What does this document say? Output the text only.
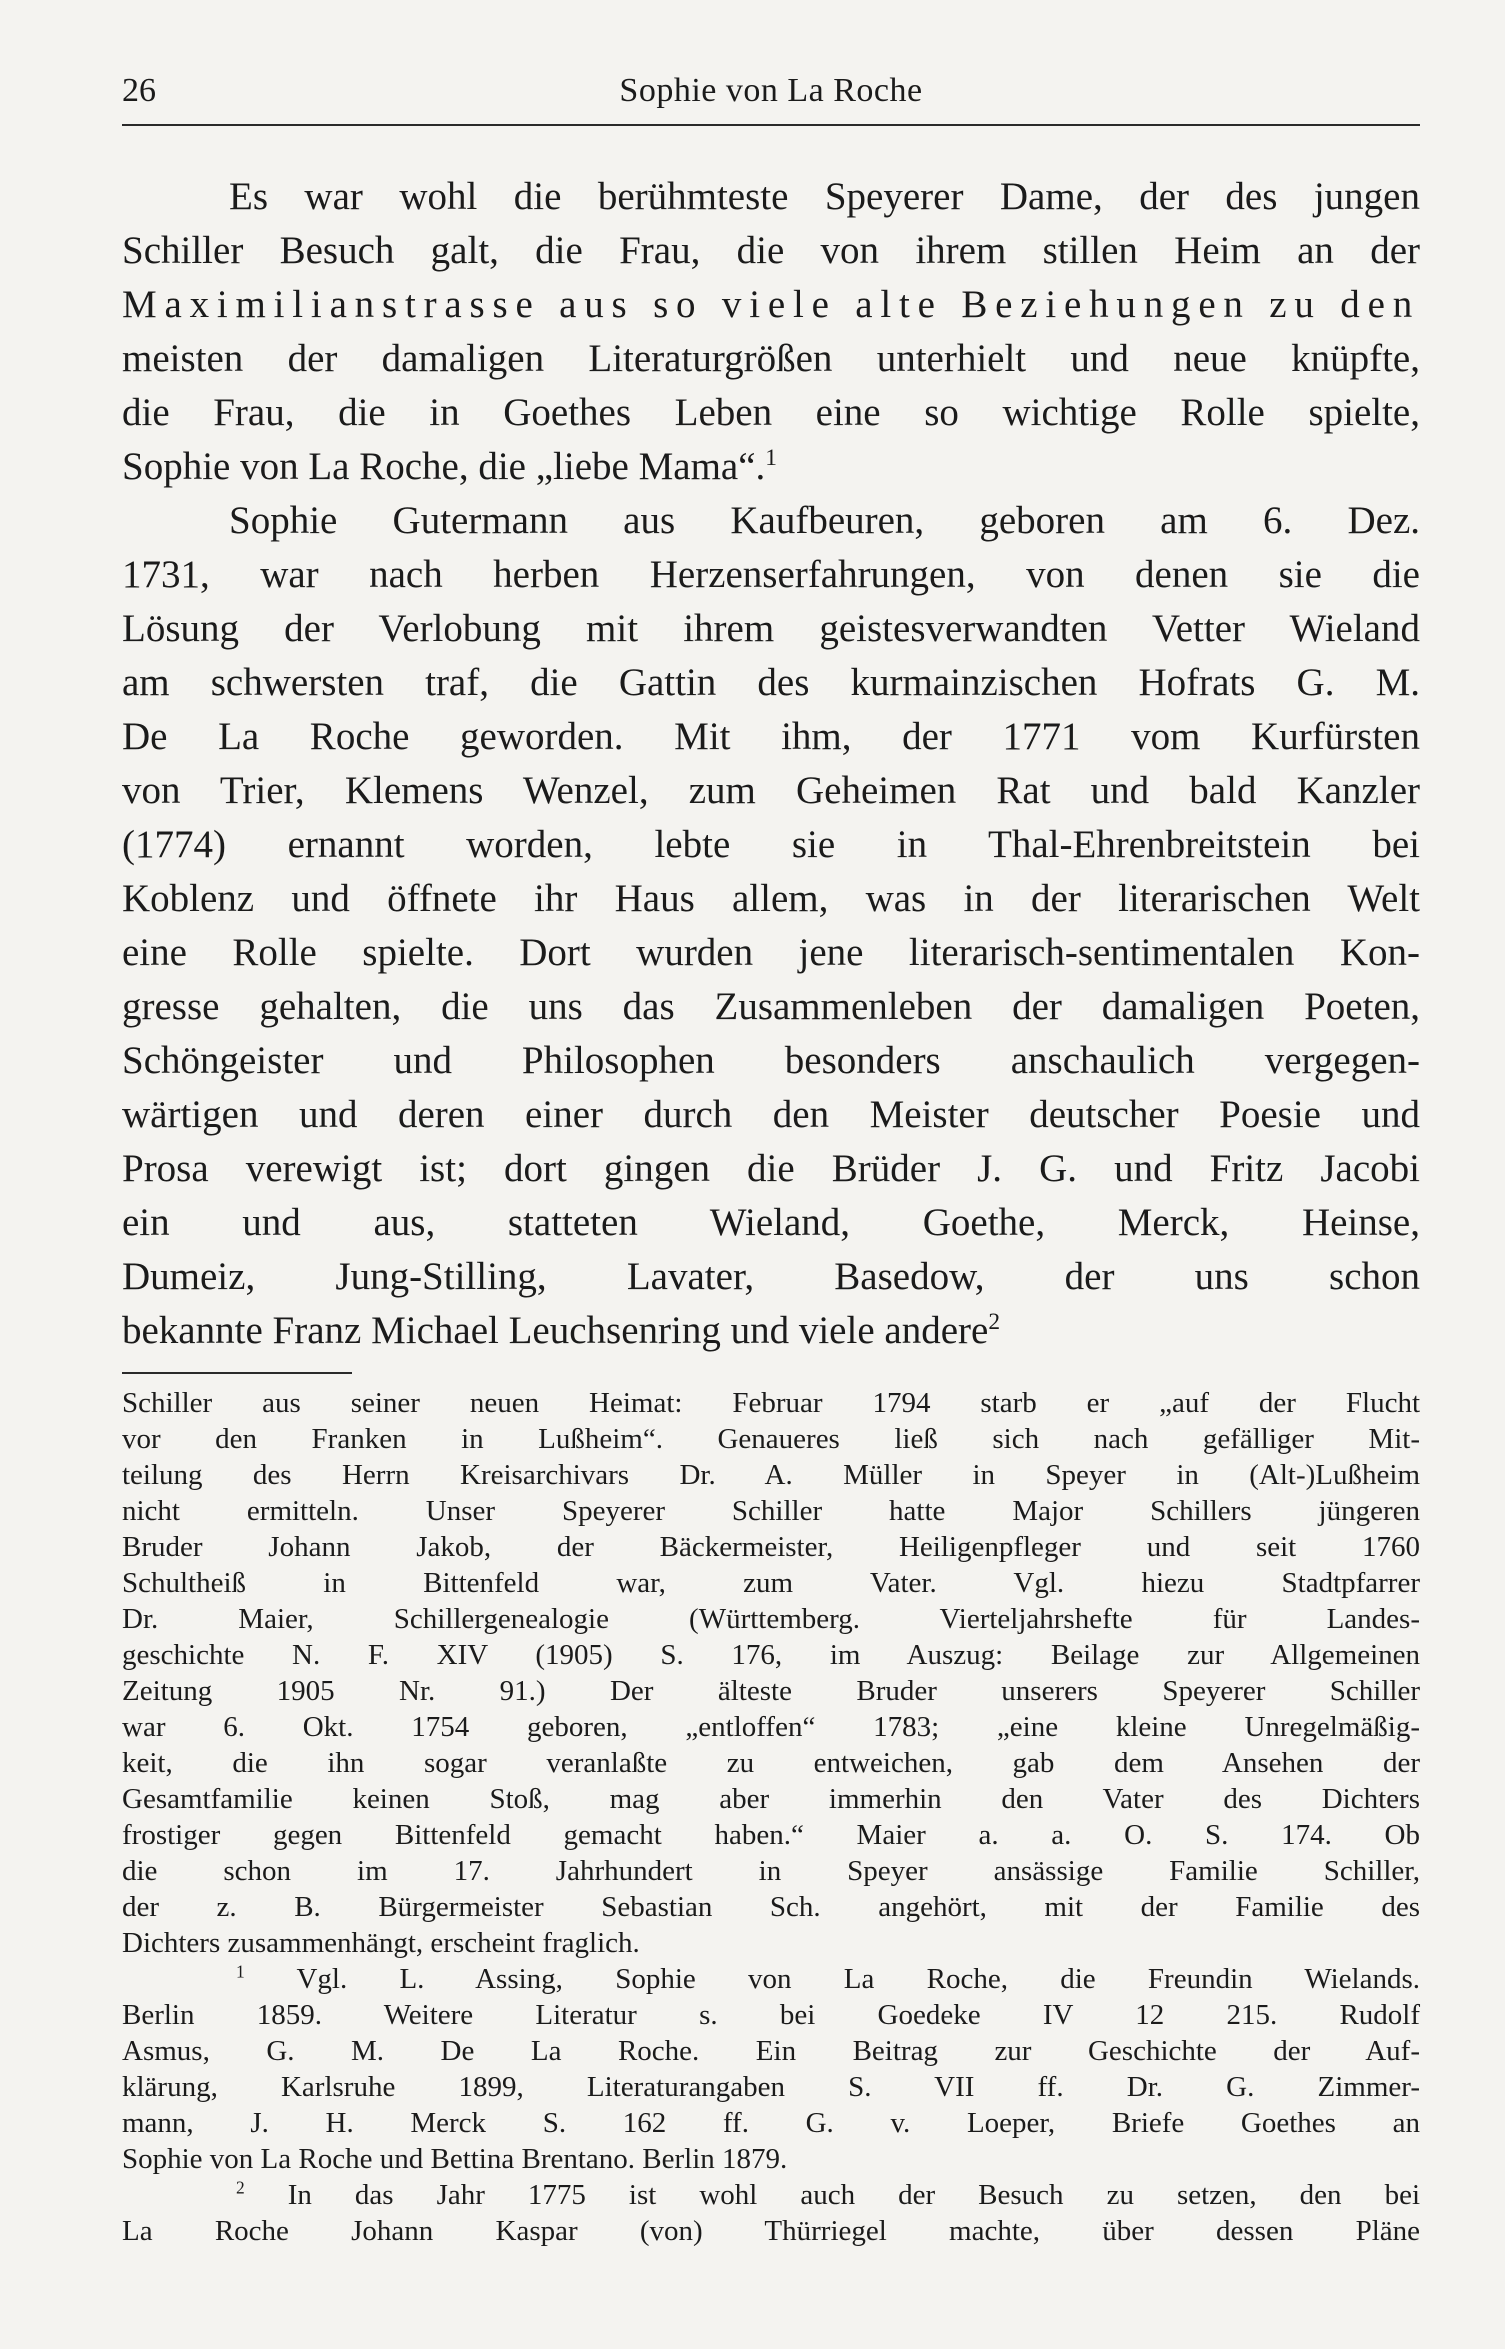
26	Sophie von La Roche
Es war wohl die berühmteste Speyerer Dame, der des jungen
Schiller Besuch galt, die Frau, die von ihrem stillen Heim an der
Maximilianstrasse aus so viele alte Beziehungen zu den
meisten der damaligen Literaturgrößen unterhielt und neue knüpfte,
die Frau, die in Goethes Leben eine so wichtige Rolle spielte,
Sophie von La Roche, die „liebe Mama“.$^1$
Sophie Gutermann aus Kaufbeuren, geboren am 6. Dez.
1731, war nach herben Herzenserfahrungen, von denen sie die
Lösung der Verlobung mit ihrem geistesverwandten Vetter Wieland
am schwersten traf, die Gattin des kurmainzischen Hofrats G. M.
De La Roche geworden. Mit ihm, der 1771 vom Kurfürsten
von Trier, Klemens Wenzel, zum Geheimen Rat und bald Kanzler
(1774) ernannt worden, lebte sie in Thal-Ehrenbreitstein bei
Koblenz und öffnete ihr Haus allem, was in der literarischen Welt
eine Rolle spielte. Dort wurden jene literarisch-sentimentalen Kon-
gresse gehalten, die uns das Zusammenleben der damaligen Poeten,
Schöngeister und Philosophen besonders anschaulich vergegen-
wärtigen und deren einer durch den Meister deutscher Poesie und
Prosa verewigt ist; dort gingen die Brüder J. G. und Fritz Jacobi
ein und aus, statteten Wieland, Goethe, Merck, Heinse,
Dumeiz, Jung-Stilling, Lavater, Basedow, der uns schon
bekannte Franz Michael Leuchsenring und viele andere$^2$
Schiller aus seiner neuen Heimat: Februar 1794 starb er „auf der Flucht
vor den Franken in Lußheim“. Genaueres ließ sich nach gefälliger Mit-
teilung des Herrn Kreisarchivars Dr. A. Müller in Speyer in (Alt-)Lußheim
nicht ermitteln. Unser Speyerer Schiller hatte Major Schillers jüngeren
Bruder Johann Jakob, der Bäckermeister, Heiligenpfleger und seit 1760
Schultheiß in Bittenfeld war, zum Vater. Vgl. hiezu Stadtpfarrer
Dr. Maier, Schillergenealogie (Württemberg. Vierteljahrshefte für Landes-
geschichte N. F. XIV (1905) S. 176, im Auszug: Beilage zur Allgemeinen
Zeitung 1905 Nr. 91.) Der älteste Bruder unserers Speyerer Schiller
war 6. Okt. 1754 geboren, „entloffen“ 1783; „eine kleine Unregelmäßig-
keit, die ihn sogar veranlaßte zu entweichen, gab dem Ansehen der
Gesamtfamilie keinen Stoß, mag aber immerhin den Vater des Dichters
frostiger gegen Bittenfeld gemacht haben.“ Maier a. a. O. S. 174. Ob
die schon im 17. Jahrhundert in Speyer ansässige Familie Schiller,
der z. B. Bürgermeister Sebastian Sch. angehört, mit der Familie des
Dichters zusammenhängt, erscheint fraglich.
$^1$ Vgl. L. Assing, Sophie von La Roche, die Freundin Wielands.
Berlin 1859. Weitere Literatur s. bei Goedeke IV 12 215. Rudolf
Asmus, G. M. De La Roche. Ein Beitrag zur Geschichte der Auf-
klärung, Karlsruhe 1899, Literaturangaben S. VII ff. Dr. G. Zimmer-
mann, J. H. Merck S. 162 ff. G. v. Loeper, Briefe Goethes an
Sophie von La Roche und Bettina Brentano. Berlin 1879.
$^2$ In das Jahr 1775 ist wohl auch der Besuch zu setzen, den bei
La Roche Johann Kaspar (von) Thürriegel machte, über dessen Pläne
